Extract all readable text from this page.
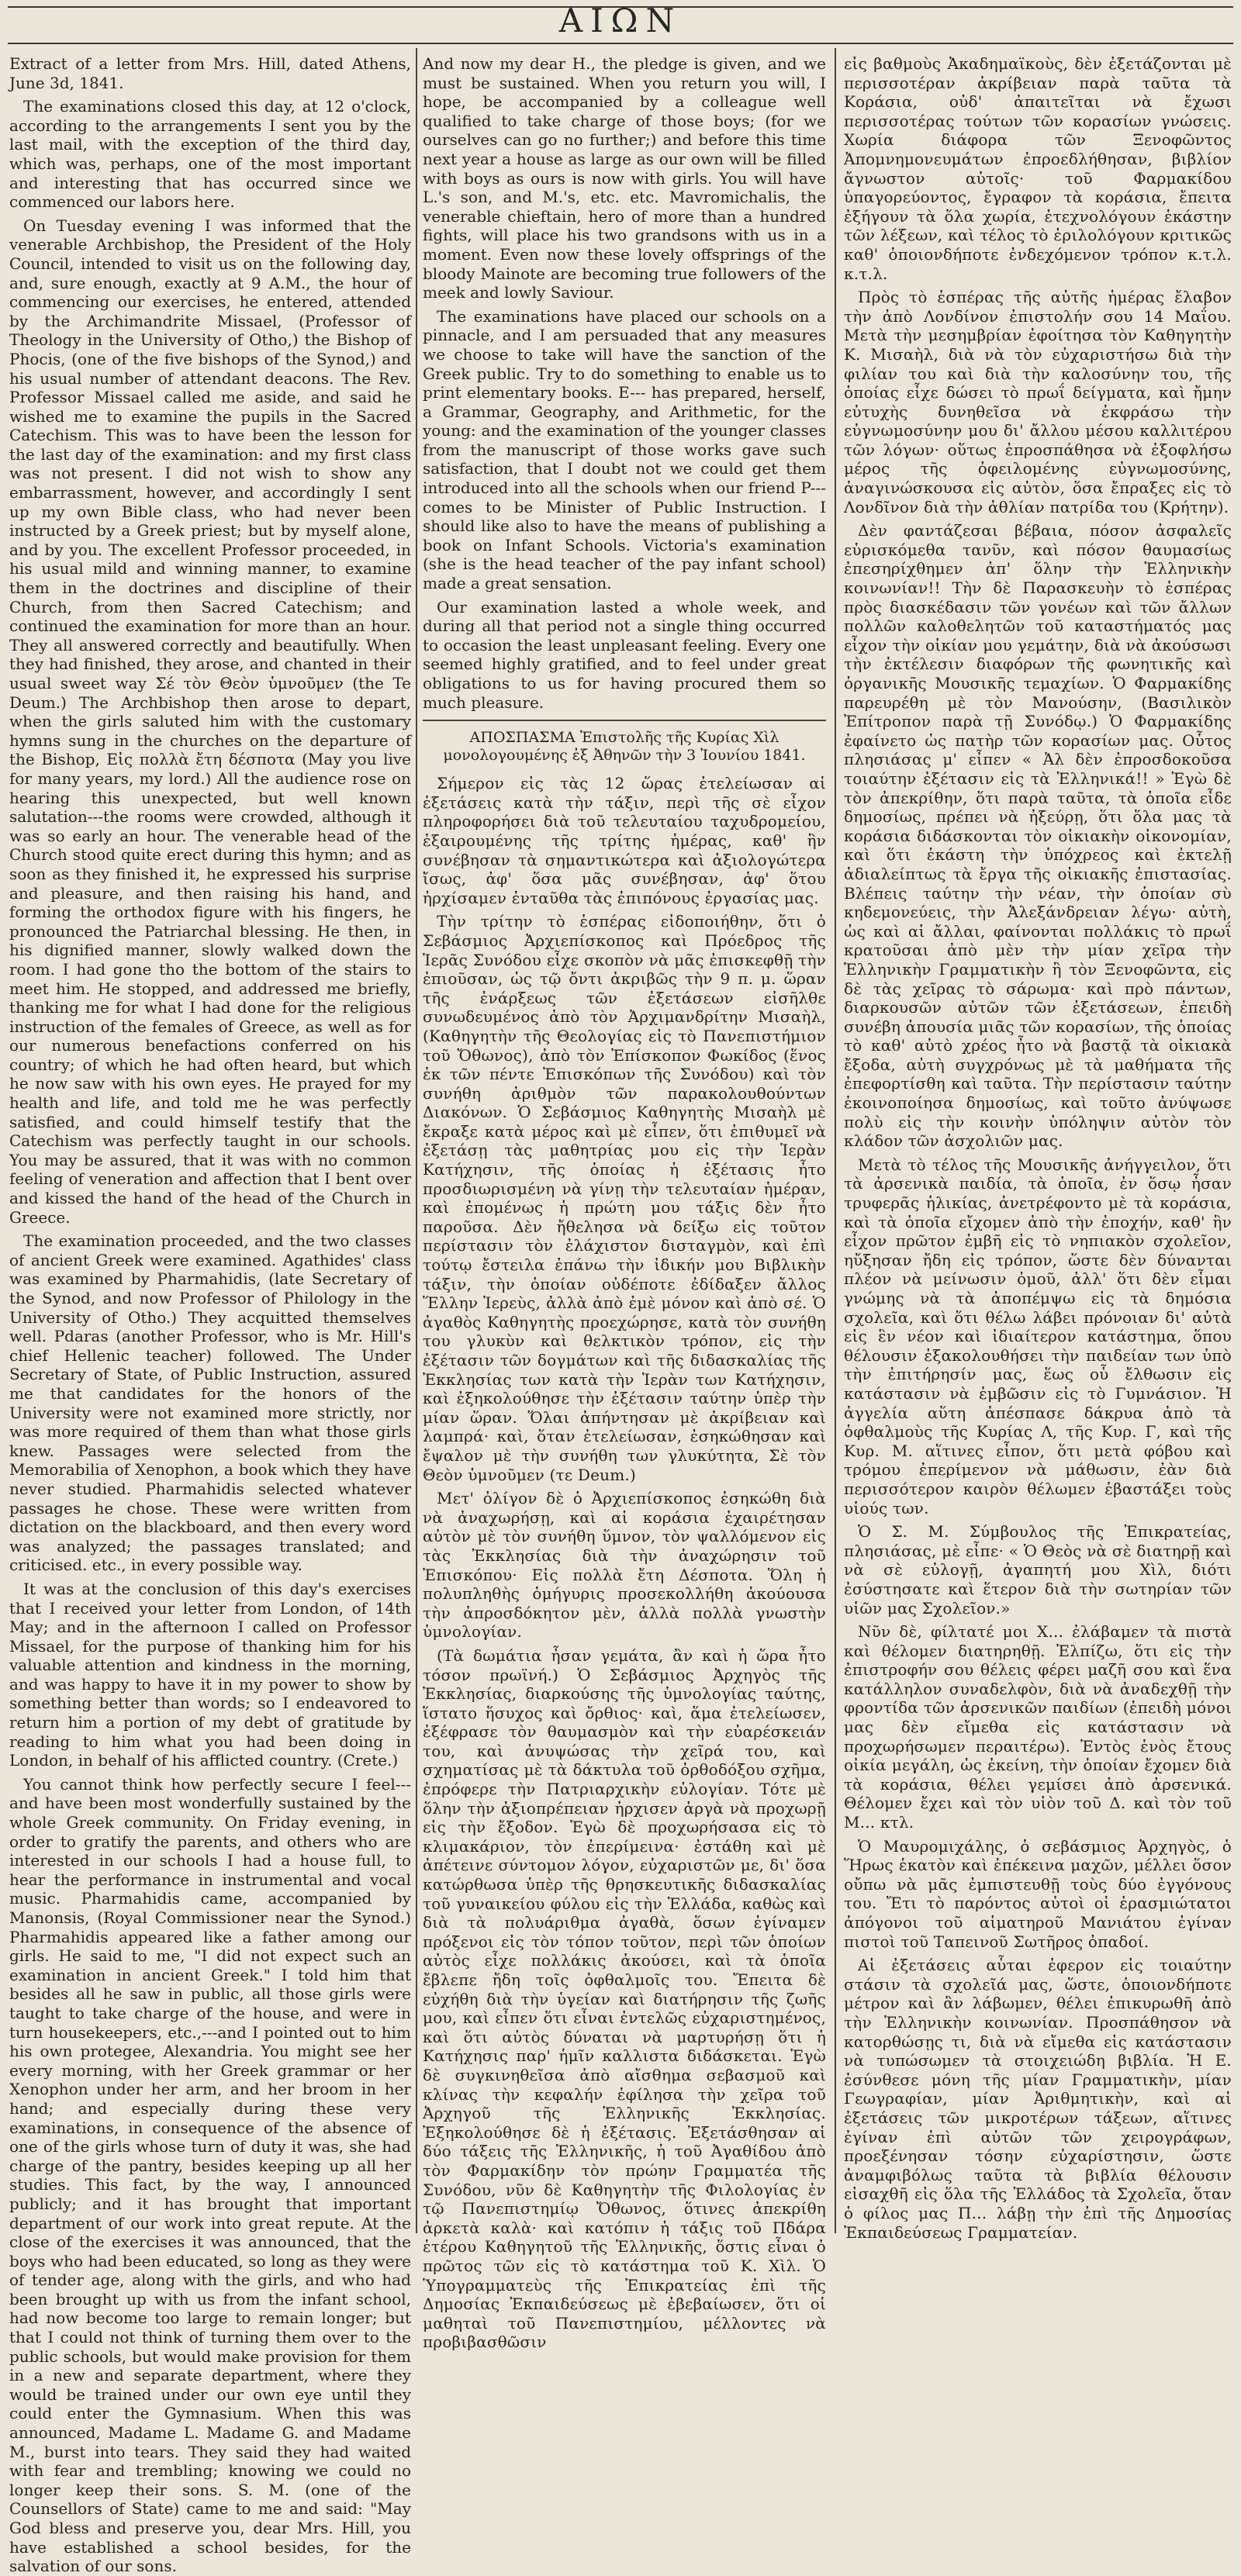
ΑΙΩΝ

Extract of a letter from Mrs. Hill, dated Athens, June 3d, 1841.

The examinations closed this day, at 12 o'clock, according to the arrangements I sent you by the last mail, with the exception of the third day, which was, perhaps, one of the most important and interesting that has occurred since we commenced our labors here.

On Tuesday evening I was informed that the venerable Archbishop, the President of the Holy Council, intended to visit us on the following day, and, sure enough, exactly at 9 A.M., the hour of commencing our exercises, he entered, attended by the Archimandrite Missael, (Professor of Theology in the University of Otho,) the Bishop of Phocis, (one of the five bishops of the Synod,) and his usual number of attendant deacons. The Rev. Professor Missael called me aside, and said he wished me to examine the pupils in the Sacred Catechism. This was to have been the lesson for the last day of the examination: and my first class was not present. I did not wish to show any embarrassment, however, and accordingly I sent up my own Bible class, who had never been instructed by a Greek priest; but by myself alone, and by you. The excellent Professor proceeded, in his usual mild and winning manner, to examine them in the doctrines and discipline of their Church, from then Sacred Catechism; and continued the examination for more than an hour. They all answered correctly and beautifully. When they had finished, they arose, and chanted in their usual sweet way Σέ τὸν Θεὸν ὑμνοῦμεν (the Te Deum.) The Archbishop then arose to depart, when the girls saluted him with the customary hymns sung in the churches on the departure of the Bishop, Εἰς πολλὰ ἔτη δέσποτα (May you live for many years, my lord.) All the audience rose on hearing this unexpected, but well known salutation---the rooms were crowded, although it was so early an hour. The venerable head of the Church stood quite erect during this hymn; and as soon as they finished it, he expressed his surprise and pleasure, and then raising his hand, and forming the orthodox figure with his fingers, he pronounced the Patriarchal blessing. He then, in his dignified manner, slowly walked down the room. I had gone tho the bottom of the stairs to meet him. He stopped, and addressed me briefly, thanking me for what I had done for the religious instruction of the females of Greece, as well as for our numerous benefactions conferred on his country; of which he had often heard, but which he now saw with his own eyes. He prayed for my health and life, and told me he was perfectly satisfied, and could himself testify that the Catechism was perfectly taught in our schools. You may be assured, that it was with no common feeling of veneration and affection that I bent over and kissed the hand of the head of the Church in Greece.

The examination proceeded, and the two classes of ancient Greek were examined. Agathides' class was examined by Pharmahidis, (late Secretary of the Synod, and now Professor of Philology in the University of Otho.) They acquitted themselves well. Pdaras (another Professor, who is Mr. Hill's chief Hellenic teacher) followed. The Under Secretary of State, of Public Instruction, assured me that candidates for the honors of the University were not examined more strictly, nor was more required of them than what those girls knew. Passages were selected from the Memorabilia of Xenophon, a book which they have never studied. Pharmahidis selected whatever passages he chose. These were written from dictation on the blackboard, and then every word was analyzed; the passages translated; and criticised. etc., in every possible way.

It was at the conclusion of this day's exercises that I received your letter from London, of 14th May; and in the afternoon I called on Professor Missael, for the purpose of thanking him for his valuable attention and kindness in the morning, and was happy to have it in my power to show by something better than words; so I endeavored to return him a portion of my debt of gratitude by reading to him what you had been doing in London, in behalf of his afflicted country. (Crete.)

You cannot think how perfectly secure I feel---and have been most wonderfully sustained by the whole Greek community. On Friday evening, in order to gratify the parents, and others who are interested in our schools I had a house full, to hear the performance in instrumental and vocal music. Pharmahidis came, accompanied by Manonsis, (Royal Commissioner near the Synod.) Pharmahidis appeared like a father among our girls. He said to me, "I did not expect such an examination in ancient Greek." I told him that besides all he saw in public, all those girls were taught to take charge of the house, and were in turn housekeepers, etc.,---and I pointed out to him his own protegee, Alexandria. You might see her every morning, with her Greek grammar or her Xenophon under her arm, and her broom in her hand; and especially during these very examinations, in consequence of the absence of one of the girls whose turn of duty it was, she had charge of the pantry, besides keeping up all her studies. This fact, by the way, I announced publicly; and it has brought that important department of our work into great repute. At the close of the exercises it was announced, that the boys who had been educated, so long as they were of tender age, along with the girls, and who had been brought up with us from the infant school, had now become too large to remain longer; but that I could not think of turning them over to the public schools, but would make provision for them in a new and separate department, where they would be trained under our own eye until they could enter the Gymnasium. When this was announced, Madame L. Madame G. and Madame M., burst into tears. They said they had waited with fear and trembling; knowing we could no longer keep their sons. S. M. (one of the Counsellors of State) came to me and said: "May God bless and preserve you, dear Mrs. Hill, you have established a school besides, for the salvation of our sons.

And now my dear H., the pledge is given, and we must be sustained. When you return you will, I hope, be accompanied by a colleague well qualified to take charge of those boys; (for we ourselves can go no further;) and before this time next year a house as large as our own will be filled with boys as ours is now with girls. You will have L.'s son, and M.'s, etc. etc. Mavromichalis, the venerable chieftain, hero of more than a hundred fights, will place his two grandsons with us in a moment. Even now these lovely offsprings of the bloody Mainote are becoming true followers of the meek and lowly Saviour.

The examinations have placed our schools on a pinnacle, and I am persuaded that any measures we choose to take will have the sanction of the Greek public. Try to do something to enable us to print elementary books. E--- has prepared, herself, a Grammar, Geography, and Arithmetic, for the young: and the examination of the younger classes from the manuscript of those works gave such satisfaction, that I doubt not we could get them introduced into all the schools when our friend P---comes to be Minister of Public Instruction. I should like also to have the means of publishing a book on Infant Schools. Victoria's examination (she is the head teacher of the pay infant school) made a great sensation.

Our examination lasted a whole week, and during all that period not a single thing occurred to occasion the least unpleasant feeling. Every one seemed highly gratified, and to feel under great obligations to us for having procured them so much pleasure.

ΑΠΟΣΠΑΣΜΑ Ἐπιστολῆς τῆς Κυρίας Χὶλ μονολογουμένης ἐξ Ἀθηνῶν τὴν 3 Ἰουνίου 1841.

Σήμερον εἰς τὰς 12 ὥρας ἐτελείωσαν αἱ ἐξετάσεις κατὰ τὴν τάξιν, περὶ τῆς σὲ εἶχον πληροφορήσει διὰ τοῦ τελευταίου ταχυδρομείου, ἐξαιρουμένης τῆς τρίτης ἡμέρας, καθ' ἣν συνέβησαν τὰ σημαντικώτερα καὶ ἀξιολογώτερα ἴσως, ἀφ' ὅσα μᾶς συνέβησαν, ἀφ' ὅτου ἠρχίσαμεν ἐνταῦθα τὰς ἐπιπόνους ἐργασίας μας.

Τὴν τρίτην τὸ ἑσπέρας εἰδοποιήθην, ὅτι ὁ Σεβάσμιος Ἀρχιεπίσκοπος καὶ Πρόεδρος τῆς Ἱερᾶς Συνόδου εἶχε σκοπὸν νὰ μᾶς ἐπισκεφθῇ τὴν ἐπιοῦσαν, ὡς τῷ ὄντι ἀκριβῶς τὴν 9 π. μ. ὥραν τῆς ἐνάρξεως τῶν ἐξετάσεων εἰσῆλθε συνωδευμένος ἀπὸ τὸν Ἀρχιμανδρίτην Μισαὴλ, (Καθηγητὴν τῆς Θεολογίας εἰς τὸ Πανεπιστήμιον τοῦ Ὄθωνος), ἀπὸ τὸν Ἐπίσκοπον Φωκίδος (ἕνος ἐκ τῶν πέντε Ἐπισκόπων τῆς Συνόδου) καὶ τὸν συνήθη ἀριθμὸν τῶν παρακολουθούντων Διακόνων. Ὁ Σεβάσμιος Καθηγητὴς Μισαὴλ μὲ ἔκραξε κατὰ μέρος καὶ μὲ εἶπεν, ὅτι ἐπιθυμεῖ νὰ ἐξετάσῃ τὰς μαθητρίας μου εἰς τὴν Ἱερὰν Κατήχησιν, τῆς ὁποίας ἡ ἐξέτασις ἦτο προσδιωρισμένη νὰ γίνῃ τὴν τελευταίαν ἡμέραν, καὶ ἐπομένως ἡ πρώτη μου τάξις δὲν ἦτο παροῦσα. Δὲν ἤθελησα νὰ δείξω εἰς τοῦτον περίστασιν τὸν ἐλάχιστον δισταγμὸν, καὶ ἐπὶ τούτῳ ἔστειλα ἐπάνω τὴν ἰδικήν μου Βιβλικὴν τάξιν, τὴν ὁποίαν οὐδέποτε ἐδίδαξεν ἄλλος Ἕλλην Ἱερεὺς, ἀλλὰ ἀπὸ ἐμὲ μόνον καὶ ἀπὸ σέ. Ὁ ἀγαθὸς Καθηγητὴς προεχώρησε, κατὰ τὸν συνήθη του γλυκὺν καὶ θελκτικὸν τρόπον, εἰς τὴν ἐξέτασιν τῶν δογμάτων καὶ τῆς διδασκαλίας τῆς Ἐκκλησίας των κατὰ τὴν Ἱερὰν των Κατήχησιν, καὶ ἐξηκολούθησε τὴν ἐξέτασιν ταύτην ὑπὲρ τὴν μίαν ὥραν. Ὅλαι ἀπήντησαν μὲ ἀκρίβειαν καὶ λαμπρά· καὶ, ὅταν ἐτελείωσαν, ἐσηκώθησαν καὶ ἔψαλον μὲ τὴν συνήθη των γλυκύτητα, Σὲ τὸν Θεὸν ὑμνοῦμεν (τε Deum.)

Μετ' ὀλίγον δὲ ὁ Ἀρχιεπίσκοπος ἐσηκώθη διὰ νὰ ἀναχωρήσῃ, καὶ αἱ κοράσια ἐχαιρέτησαν αὐτὸν μὲ τὸν συνήθη ὕμνον, τὸν ψαλλόμενον εἰς τὰς Ἐκκλησίας διὰ τὴν ἀναχώρησιν τοῦ Ἐπισκόπου· Εἰς πολλὰ ἔτη Δέσποτα. Ὅλη ἡ πολυπληθὴς ὁμήγυρις προσεκολλήθη ἀκούουσα τὴν ἀπροσδόκητον μὲν, ἀλλὰ πολλὰ γνωστὴν ὑμνολογίαν.

(Τὰ δωμάτια ἦσαν γεμάτα, ἂν καὶ ἡ ὥρα ἦτο τόσον πρωϊνή.) Ὁ Σεβάσμιος Ἀρχηγὸς τῆς Ἐκκλησίας, διαρκούσης τῆς ὑμνολογίας ταύτης, ἵστατο ἥσυχος καὶ ὄρθιος· καὶ, ἅμα ἐτελείωσεν, ἐξέφρασε τὸν θαυμασμὸν καὶ τὴν εὐαρέσκειάν του, καὶ ἀνυψώσας τὴν χεῖρά του, καὶ σχηματίσας μὲ τὰ δάκτυλα τοῦ ὀρθοδόξου σχῆμα, ἐπρόφερε τὴν Πατριαρχικὴν εὐλογίαν. Τότε μὲ ὅλην τὴν ἀξιοπρέπειαν ἠρχισεν ἀργὰ νὰ προχωρῇ εἰς τὴν ἔξοδον. Ἐγὼ δὲ προχωρήσασα εἰς τὸ κλιμακάριον, τὸν ἐπερίμεινα· ἐστάθη καὶ μὲ ἀπέτεινε σύντομον λόγον, εὐχαριστῶν με, δι' ὅσα κατώρθωσα ὑπὲρ τῆς θρησκευτικῆς διδασκαλίας τοῦ γυναικείου φύλου εἰς τὴν Ἑλλάδα, καθὼς καὶ διὰ τὰ πολυάριθμα ἀγαθὰ, ὅσων ἐγίναμεν πρόξενοι εἰς τὸν τόπον τοῦτον, περὶ τῶν ὁποίων αὐτὸς εἶχε πολλάκις ἀκούσει, καὶ τὰ ὁποῖα ἔβλεπε ἤδη τοῖς ὀφθαλμοῖς του. Ἔπειτα δὲ εὐχήθη διὰ τὴν ὑγείαν καὶ διατήρησιν τῆς ζωῆς μου, καὶ εἶπεν ὅτι εἶναι ἐντελῶς εὐχαριστημένος, καὶ ὅτι αὐτὸς δύναται νὰ μαρτυρήσῃ ὅτι ἡ Κατήχησις παρ' ἡμῖν καλλιστα διδάσκεται. Ἐγὼ δὲ συγκινηθεῖσα ἀπὸ αἴσθημα σεβασμοῦ καὶ κλίνας τὴν κεφαλήν ἐφίλησα τὴν χεῖρα τοῦ Ἀρχηγοῦ τῆς Ἑλληνικῆς Ἐκκλησίας. Ἐξηκολούθησε δὲ ἡ ἐξέτασις. Ἐξετάσθησαν αἱ δύο τάξεις τῆς Ἑλληνικῆς, ἡ τοῦ Ἀγαθίδου ἀπὸ τὸν Φαρμακίδην τὸν πρώην Γραμματέα τῆς Συνόδου, νῦν δὲ Καθηγητὴν τῆς Φιλολογίας ἐν τῷ Πανεπιστημίῳ Ὄθωνος, ὅτινες ἀπεκρίθη ἀρκετὰ καλὰ· καὶ κατόπιν ἡ τάξις τοῦ Πδάρα ἑτέρου Καθηγητοῦ τῆς Ἑλληνικῆς, ὅστις εἶναι ὁ πρῶτος τῶν εἰς τὸ κατάστημα τοῦ Κ. Χὶλ. Ὁ Ὑπογραμματεὺς τῆς Ἐπικρατείας ἐπὶ τῆς Δημοσίας Ἐκπαιδεύσεως μὲ ἐβεβαίωσεν, ὅτι οἱ μαθηταὶ τοῦ Πανεπιστημίου, μέλλοντες νὰ προβιβασθῶσιν

εἰς βαθμοὺς Ἀκαδημαϊκοὺς, δὲν ἐξετάζονται μὲ περισσοτέραν ἀκρίβειαν παρὰ ταῦτα τὰ Κοράσια, οὐδ' ἀπαιτεῖται νὰ ἔχωσι περισσοτέρας τούτων τῶν κορασίων γνώσεις. Χωρία διάφορα τῶν Ξενοφῶντος Ἀπομνημονευμάτων ἐπροεδλήθησαν, βιβλίον ἄγνωστον αὐτοῖς· τοῦ Φαρμακίδου ὑπαγορεύοντος, ἔγραφον τὰ κοράσια, ἔπειτα ἐξήγουν τὰ ὅλα χωρία, ἐτεχνολόγουν ἑκάστην τῶν λέξεων, καὶ τέλος τὸ ἐριλολόγουν κριτικῶς καθ' ὁποιονδήποτε ἐνδεχόμενον τρόπον κ.τ.λ. κ.τ.λ.

Πρὸς τὸ ἑσπέρας τῆς αὐτῆς ἡμέρας ἔλαβον τὴν ἀπὸ Λονδίνον ἐπιστολήν σου 14 Μαΐου. Μετὰ τὴν μεσημβρίαν ἐφοίτησα τὸν Καθηγητὴν Κ. Μισαὴλ, διὰ νὰ τὸν εὐχαριστήσω διὰ τὴν φιλίαν του καὶ διὰ τὴν καλοσύνην του, τῆς ὁποίας εἶχε δώσει τὸ πρωΐ δείγματα, καὶ ἤμην εὐτυχὴς δυνηθεῖσα νὰ ἐκφράσω τὴν εὐγνωμοσύνην μου δι' ἄλλου μέσου καλλιτέρου τῶν λόγων· οὕτως ἐπροσπάθησα νὰ ἐξοφλήσω μέρος τῆς ὀφειλομένης εὐγνωμοσύνης, ἀναγινώσκουσα εἰς αὐτὸν, ὅσα ἔπραξες εἰς τὸ Λονδῖνον διὰ τὴν ἀθλίαν πατρίδα του (Κρήτην).

Δὲν φαντάζεσαι βέβαια, πόσον ἀσφαλεῖς εὑρισκόμεθα τανῦν, καὶ πόσον θαυμασίως ἐπεσηρίχθημεν ἀπ' ὅλην τὴν Ἑλληνικὴν κοινωνίαν!! Τὴν δὲ Παρασκευὴν τὸ ἑσπέρας πρὸς διασκέδασιν τῶν γονέων καὶ τῶν ἄλλων πολλῶν καλοθελητῶν τοῦ καταστήματός μας εἶχον τὴν οἰκίαν μου γεμάτην, διὰ νὰ ἀκούσωσι τὴν ἐκτέλεσιν διαφόρων τῆς φωνητικῆς καὶ ὀργανικῆς Μουσικῆς τεμαχίων. Ὁ Φαρμακίδης παρευρέθη μὲ τὸν Μανούσην, (Βασιλικὸν Ἐπίτροπον παρὰ τῇ Συνόδῳ.) Ὁ Φαρμακίδης ἐφαίνετο ὡς πατὴρ τῶν κορασίων μας. Οὗτος πλησιάσας μ' εἶπεν « Ἀλ δὲν ἐπροσδοκοῦσα τοιαύτην ἐξέτασιν εἰς τὰ Ἑλληνικά!! » Ἐγὼ δὲ τὸν ἀπεκρίθην, ὅτι παρὰ ταῦτα, τὰ ὁποῖα εἶδε δημοσίως, πρέπει νὰ ἠξεύρῃ, ὅτι ὅλα μας τὰ κοράσια διδάσκονται τὸν οἰκιακὴν οἰκονομίαν, καὶ ὅτι ἑκάστη τὴν ὑπόχρεος καὶ ἐκτελῇ ἀδιαλείπτως τὰ ἔργα τῆς οἰκιακῆς ἐπιστασίας. Βλέπεις ταύτην τὴν νέαν, τὴν ὁποίαν σὺ κηδεμονεύεις, τὴν Ἀλεξάνδρειαν λέγω· αὐτὴ, ὡς καὶ αἱ ἄλλαι, φαίνονται πολλάκις τὸ πρωΐ κρατοῦσαι ἀπὸ μὲν τὴν μίαν χεῖρα τὴν Ἑλληνικὴν Γραμματικὴν ἢ τὸν Ξενοφῶντα, εἰς δὲ τὰς χεῖρας τὸ σάρωμα· καὶ πρὸ πάντων, διαρκουσῶν αὐτῶν τῶν ἐξετάσεων, ἐπειδὴ συνέβη ἀπουσία μιᾶς τῶν κορασίων, τῆς ὁποίας τὸ καθ' αὐτὸ χρέος ἦτο νὰ βαστᾷ τὰ οἰκιακὰ ἔξοδα, αὐτὴ συγχρόνως μὲ τὰ μαθήματα τῆς ἐπεφορτίσθη καὶ ταῦτα. Τὴν περίστασιν ταύτην ἐκοινοποίησα δημοσίως, καὶ τοῦτο ἀνύψωσε πολὺ εἰς τὴν κοινὴν ὑπόληψιν αὐτὸν τὸν κλάδον τῶν ἀσχολιῶν μας.

Μετὰ τὸ τέλος τῆς Μουσικῆς ἀνήγγειλον, ὅτι τὰ ἀρσενικὰ παιδία, τὰ ὁποῖα, ἐν ὅσῳ ἦσαν τρυφερᾶς ἡλικίας, ἀνετρέφοντο μὲ τὰ κοράσια, καὶ τὰ ὁποῖα εἴχομεν ἀπὸ τὴν ἐποχήν, καθ' ἣν εἶχον πρῶτον ἐμβῆ εἰς τὸ νηπιακὸν σχολεῖον, ηὔξησαν ἤδη εἰς τρόπον, ὥστε δὲν δύνανται πλέον νὰ μείνωσιν ὁμοῦ, ἀλλ' ὅτι δὲν εἶμαι γνώμης νὰ τὰ ἀποπέμψω εἰς τὰ δημόσια σχολεῖα, καὶ ὅτι θέλω λάβει πρόνοιαν δι' αὐτὰ εἰς ἓν νέον καὶ ἰδιαίτερον κατάστημα, ὅπου θέλουσιν ἐξακολουθήσει τὴν παιδείαν των ὑπὸ τὴν ἐπιτήρησίν μας, ἕως οὗ ἔλθωσιν εἰς κατάστασιν νὰ ἐμβῶσιν εἰς τὸ Γυμνάσιον. Ἡ ἀγγελία αὕτη ἀπέσπασε δάκρυα ἀπὸ τὰ ὀφθαλμοὺς τῆς Κυρίας Λ, τῆς Κυρ. Γ, καὶ τῆς Κυρ. Μ. αἵτινες εἶπον, ὅτι μετὰ φόβου καὶ τρόμου ἐπερίμενον νὰ μάθωσιν, ἐὰν διὰ περισσότερον καιρὸν θέλωμεν ἐβαστάξει τοὺς υἱούς των.

Ὁ Σ. Μ. Σύμβουλος τῆς Ἐπικρατείας, πλησιάσας, μὲ εἶπε· « Ὁ Θεὸς νὰ σὲ διατηρῇ καὶ νὰ σὲ εὐλογῇ, ἀγαπητή μου Χὶλ, διότι ἐσύστησατε καὶ ἕτερον διὰ τὴν σωτηρίαν τῶν υἱῶν μας Σχολεῖον.»

Νῦν δὲ, φίλτατέ μοι Χ... ἐλάβαμεν τὰ πιστὰ καὶ θέλομεν διατηρηθῇ. Ἐλπίζω, ὅτι εἰς τὴν ἐπιστροφήν σου θέλεις φέρει μαζῆ σου καὶ ἕνα κατάλληλον συναδελφὸν, διὰ νὰ ἀναδεχθῇ τὴν φροντίδα τῶν ἀρσενικῶν παιδίων (ἐπειδὴ μόνοι μας δὲν εἴμεθα εἰς κατάστασιν νὰ προχωρήσωμεν περαιτέρω). Ἐντὸς ἑνὸς ἔτους οἰκία μεγάλη, ὡς ἐκείνη, τὴν ὁποίαν ἔχομεν διὰ τὰ κοράσια, θέλει γεμίσει ἀπὸ ἀρσενικά. Θέλομεν ἔχει καὶ τὸν υἱὸν τοῦ Δ. καὶ τὸν τοῦ Μ... κτλ.

Ὁ Μαυρομιχάλης, ὁ σεβάσμιος Ἀρχηγὸς, ὁ Ἥρως ἑκατὸν καὶ ἐπέκεινα μαχῶν, μέλλει ὅσον οὔπω νὰ μᾶς ἐμπιστευθῇ τοὺς δύο ἐγγόνους του. Ἔτι τὸ παρόντος αὐτοὶ οἱ ἐρασμιώτατοι ἀπόγονοι τοῦ αἱματηροῦ Μανιάτου ἐγίναν πιστοὶ τοῦ Ταπεινοῦ Σωτῆρος ὀπαδοί.

Αἱ ἐξετάσεις αὗται ἐφερον εἰς τοιαύτην στάσιν τὰ σχολεῖά μας, ὥστε, ὁποιονδήποτε μέτρον καὶ ἂν λάβωμεν, θέλει ἐπικυρωθῆ ἀπὸ τὴν Ἑλληνικὴν κοινωνίαν. Προσπάθησον νὰ κατορθώσῃς τι, διὰ νὰ εἴμεθα εἰς κατάστασιν νὰ τυπώσωμεν τὰ στοιχειώδη βιβλία. Ἡ Ε. ἐσύνθεσε μόνη τῆς μίαν Γραμματικὴν, μίαν Γεωγραφίαν, μίαν Ἀριθμητικὴν, καὶ αἱ ἐξετάσεις τῶν μικροτέρων τάξεων, αἵτινες ἐγίναν ἐπὶ αὐτῶν τῶν χειρογράφων, προεξένησαν τόσην εὐχαρίστησιν, ὥστε ἀναμφιβόλως ταῦτα τὰ βιβλία θέλουσιν εἰσαχθῆ εἰς ὅλα τῆς Ἑλλάδος τὰ Σχολεῖα, ὅταν ὁ φίλος μας Π... λάβῃ τὴν ἐπὶ τῆς Δημοσίας Ἐκπαιδεύσεως Γραμματείαν.
